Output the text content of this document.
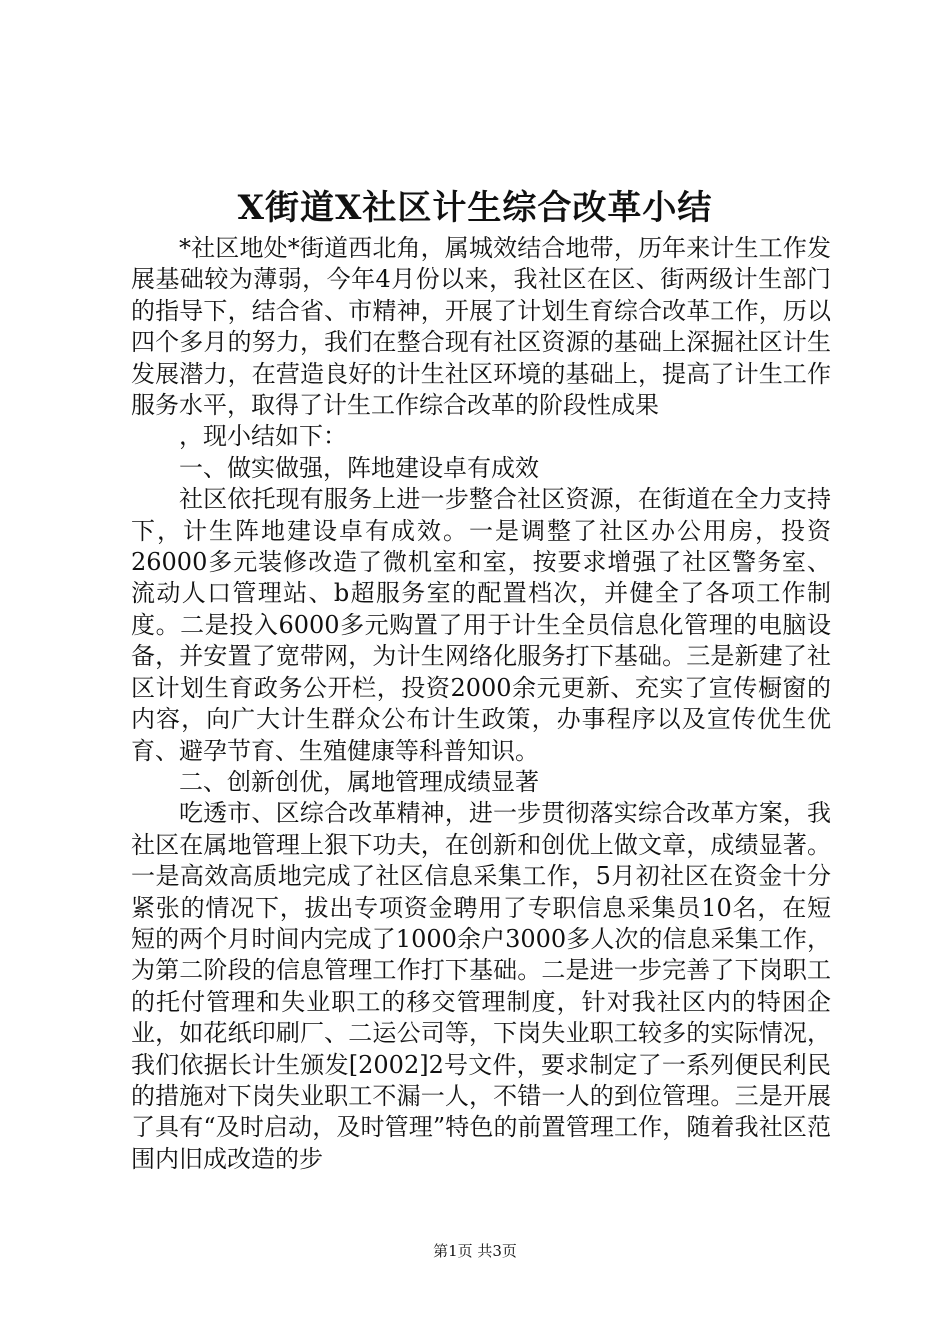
X街道X社区计生综合改革小结

*社区地处*街道西北角，属城效结合地带，历年来计生工作发展基础较为薄弱，今年4月份以来，我社区在区、街两级计生部门的指导下，结合省、市精神，开展了计划生育综合改革工作，历以四个多月的努力，我们在整合现有社区资源的基础上深掘社区计生发展潜力，在营造良好的计生社区环境的基础上，提高了计生工作服务水平，取得了计生工作综合改革的阶段性成果

，现小结如下：

一、做实做强，阵地建设卓有成效

社区依托现有服务上进一步整合社区资源，在街道在全力支持下，计生阵地建设卓有成效。一是调整了社区办公用房，投资26000多元装修改造了微机室和室，按要求增强了社区警务室、流动人口管理站、b超服务室的配置档次，并健全了各项工作制度。二是投入6000多元购置了用于计生全员信息化管理的电脑设备，并安置了宽带网，为计生网络化服务打下基础。三是新建了社区计划生育政务公开栏，投资2000余元更新、充实了宣传橱窗的内容，向广大计生群众公布计生政策，办事程序以及宣传优生优育、避孕节育、生殖健康等科普知识。

二、创新创优，属地管理成绩显著

吃透市、区综合改革精神，进一步贯彻落实综合改革方案，我社区在属地管理上狠下功夫，在创新和创优上做文章，成绩显著。一是高效高质地完成了社区信息采集工作，5月初社区在资金十分紧张的情况下，拔出专项资金聘用了专职信息采集员10名，在短短的两个月时间内完成了1000余户3000多人次的信息采集工作，为第二阶段的信息管理工作打下基础。二是进一步完善了下岗职工的托付管理和失业职工的移交管理制度，针对我社区内的特困企业，如花纸印刷厂、二运公司等，下岗失业职工较多的实际情况，我们依据长计生颁发[2002]2号文件，要求制定了一系列便民利民的措施对下岗失业职工不漏一人，不错一人的到位管理。三是开展了具有“及时启动，及时管理”特色的前置管理工作，随着我社区范围内旧成改造的步

第1页 共3页
